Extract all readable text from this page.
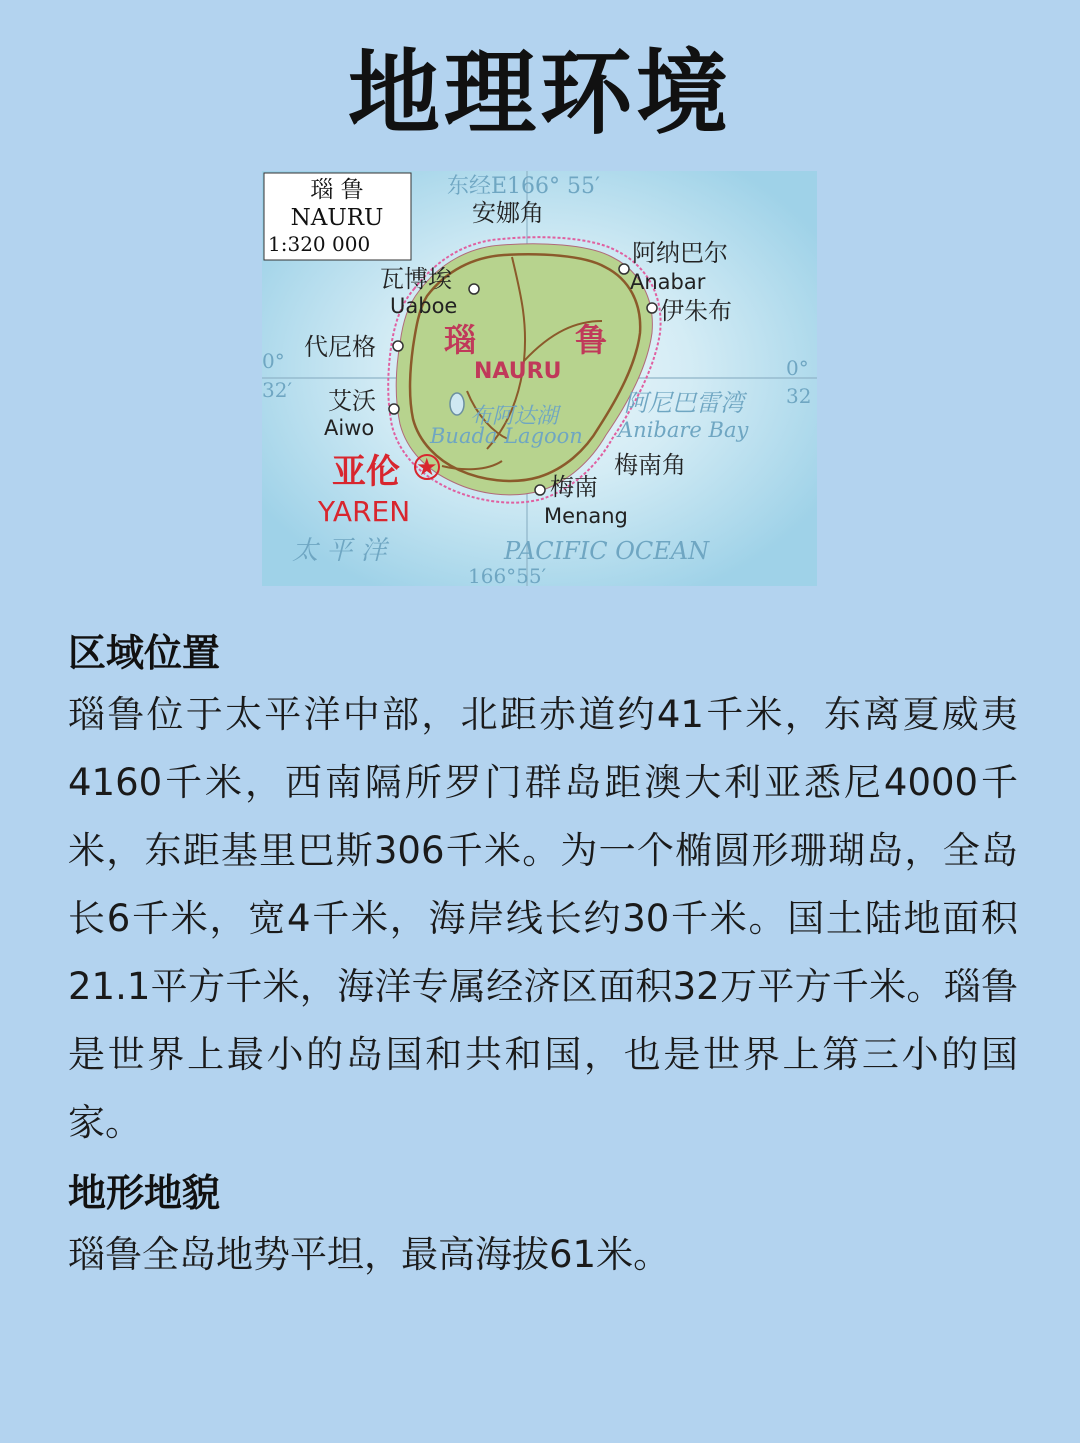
地理环境
瑙 鲁
NAURU
1:320 000
东经E166° 55′
166°55′
0°
32′
0°
32
瑙	鲁
NAURU
安娜角
阿纳巴尔
Anabar
伊朱布
瓦博埃
Uaboe
代尼格
艾沃
Aiwo
★
亚伦
YAREN
布阿达湖
Buada Lagoon
阿尼巴雷湾
Anibare Bay
梅南角
梅南
Menang
太 平 洋	PACIFIC OCEAN
区域位置

瑙鲁位于太平洋中部，北距赤道约41千米，东离夏威夷4160千米，西南隔所罗门群岛距澳大利亚悉尼4000千米，东距基里巴斯306千米。为一个椭圆形珊瑚岛，全岛长6千米，宽4千米，海岸线长约30千米。国土陆地面积21.1平方千米，海洋专属经济区面积32万平方千米。瑙鲁是世界上最小的岛国和共和国，也是世界上第三小的国家。

地形地貌

瑙鲁全岛地势平坦，最高海拔61米。
